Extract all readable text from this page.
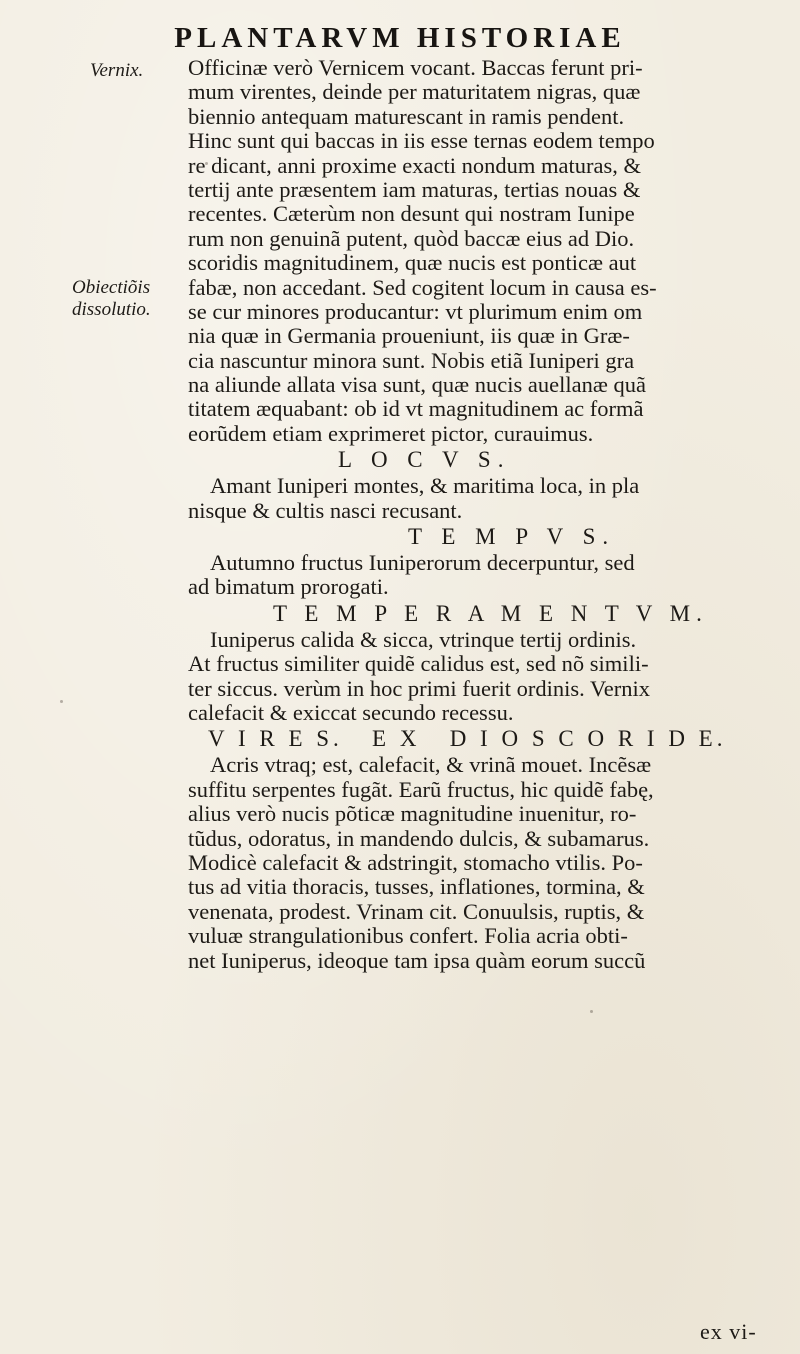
PLANTARVM HISTORIAE
Vernix.
Obiectiõis
dissolutio.
Officinæ verò Vernicem vocant. Baccas ferunt pri-
mum virentes, deinde per maturitatem nigras, quæ
biennio antequam maturescant in ramis pendent.
Hinc sunt qui baccas in iis esse ternas eodem tempo
re dicant, anni proxime exacti nondum maturas, &
tertij ante præsentem iam maturas, tertias nouas &
recentes. Cæterùm non desunt qui nostram Iunipe
rum non genuinã putent, quòd baccæ eius ad Dio.
scoridis magnitudinem, quæ nucis est ponticæ aut
fabæ, non accedant. Sed cogitent locum in causa es-
se cur minores producantur: vt plurimum enim om
nia quæ in Germania proueniunt, iis quæ in Græ-
cia nascuntur minora sunt. Nobis etiã Iuniperi gra
na aliunde allata visa sunt, quæ nucis auellanæ quã
titatem æquabant: ob id vt magnitudinem ac formã
eorũdem etiam exprimeret pictor, curauimus.
L O C V S.
Amant Iuniperi montes, & maritima loca, in pla
nisque & cultis nasci recusant.
T E M P V S.
Autumno fructus Iuniperorum decerpuntur, sed
ad bimatum prorogati.
T E M P E R A M E N T V M.
Iuniperus calida & sicca, vtrinque tertij ordinis.
At fructus similiter quidẽ calidus est, sed nõ simili-
ter siccus. verùm in hoc primi fuerit ordinis. Vernix
calefacit & exiccat secundo recessu.
V I R E S.   E X   D I O S C O R I D E.
Acris vtraq; est, calefacit, & vrinã mouet. Incẽsæ
suffitu serpentes fugãt. Earũ fructus, hic quidẽ fabę,
alius verò nucis põticæ magnitudine inuenitur, ro-
tũdus, odoratus, in mandendo dulcis, & subamarus.
Modicè calefacit & adstringit, stomacho vtilis. Po-
tus ad vitia thoracis, tusses, inflationes, tormina, &
venenata, prodest. Vrinam cit. Conuulsis, ruptis, &
vuluæ strangulationibus confert. Folia acria obti-
net Iuniperus, ideoque tam ipsa quàm eorum succũ
ex vi-
